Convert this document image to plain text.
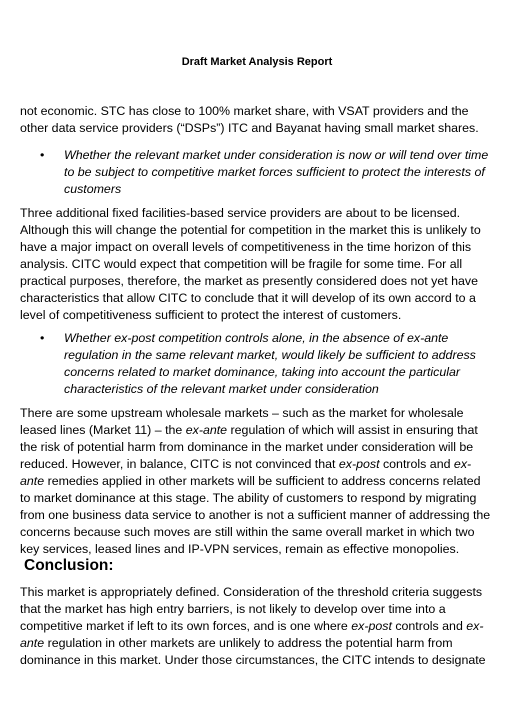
Draft Market Analysis Report
not economic. STC has close to 100% market share, with VSAT providers and the
other data service providers (“DSPs”) ITC and Bayanat having small market shares.
• Whether the relevant market under consideration is now or will tend over time
to be subject to competitive market forces sufficient to protect the interests of
customers
Three additional fixed facilities-based service providers are about to be licensed.
Although this will change the potential for competition in the market this is unlikely to
have a major impact on overall levels of competitiveness in the time horizon of this
analysis. CITC would expect that competition will be fragile for some time. For all
practical purposes, therefore, the market as presently considered does not yet have
characteristics that allow CITC to conclude that it will develop of its own accord to a
level of competitiveness sufficient to protect the interest of customers.
• Whether ex-post competition controls alone, in the absence of ex-ante
regulation in the same relevant market, would likely be sufficient to address
concerns related to market dominance, taking into account the particular
characteristics of the relevant market under consideration
There are some upstream wholesale markets – such as the market for wholesale
leased lines (Market 11) – the ex-ante regulation of which will assist in ensuring that
the risk of potential harm from dominance in the market under consideration will be
reduced. However, in balance, CITC is not convinced that ex-post controls and ex-
ante remedies applied in other markets will be sufficient to address concerns related
to market dominance at this stage. The ability of customers to respond by migrating
from one business data service to another is not a sufficient manner of addressing the
concerns because such moves are still within the same overall market in which two
key services, leased lines and IP-VPN services, remain as effective monopolies.
Conclusion:
This market is appropriately defined. Consideration of the threshold criteria suggests
that the market has high entry barriers, is not likely to develop over time into a
competitive market if left to its own forces, and is one where ex-post controls and ex-
ante regulation in other markets are unlikely to address the potential harm from
dominance in this market. Under those circumstances, the CITC intends to designate
